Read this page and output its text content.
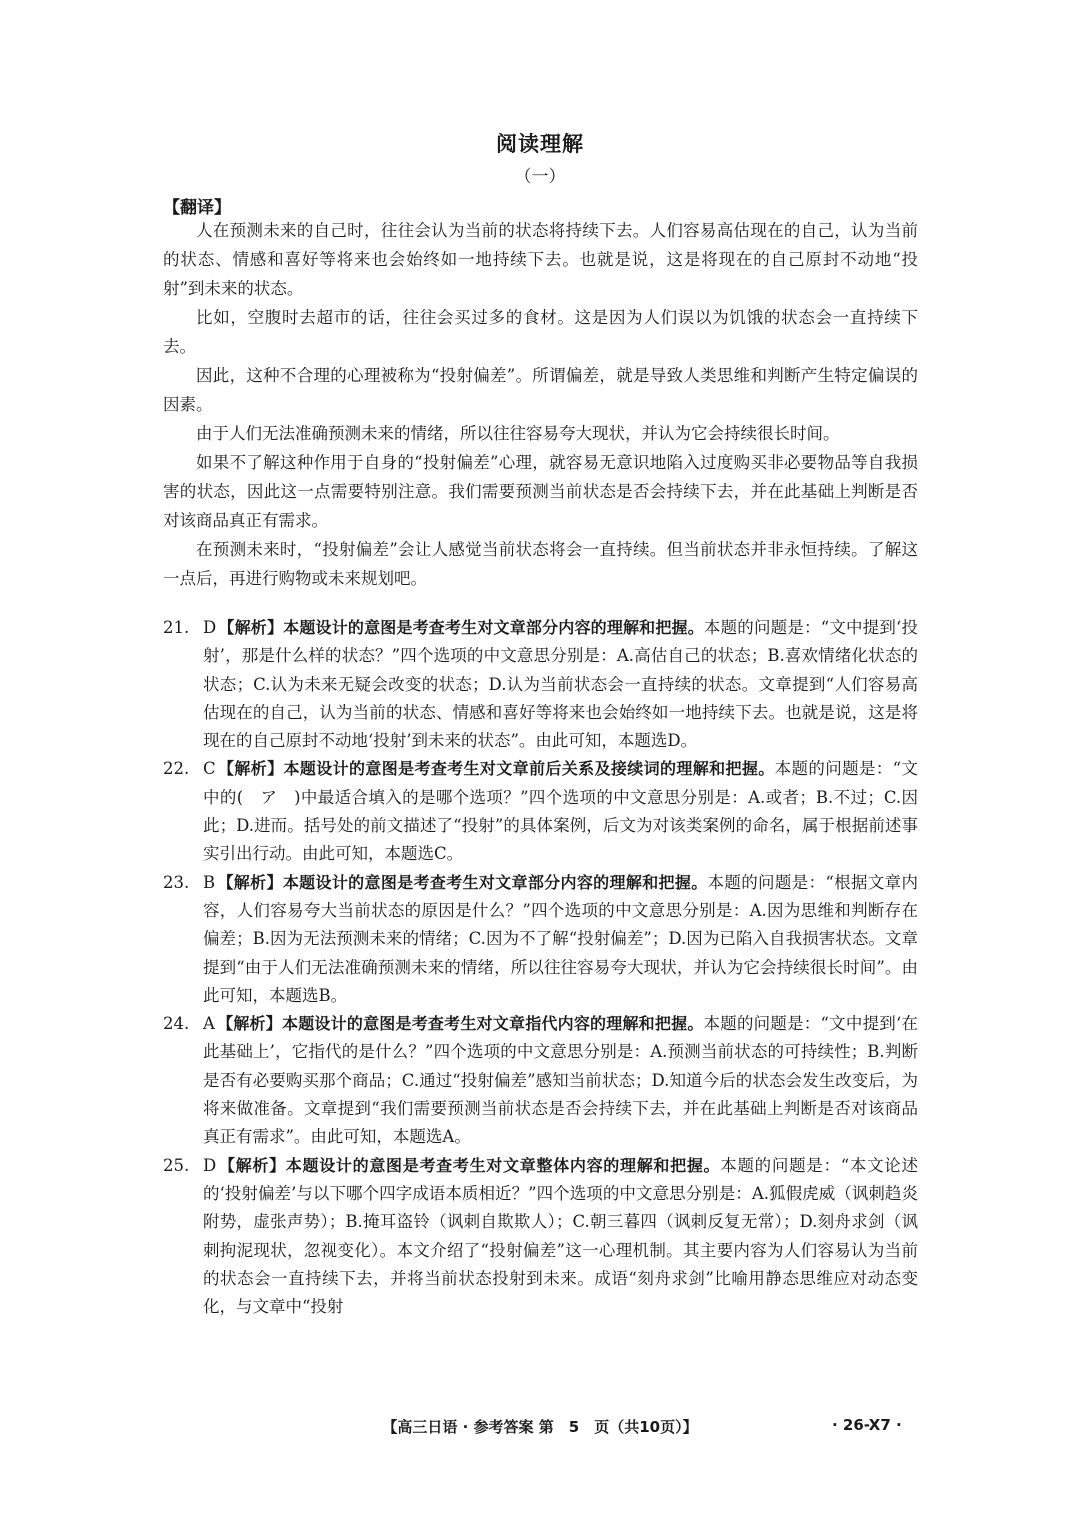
阅读理解
（一）
【翻译】

人在预测未来的自己时，往往会认为当前的状态将持续下去。人们容易高估现在的自己，认为当前的状态、情感和喜好等将来也会始终如一地持续下去。也就是说，这是将现在的自己原封不动地“投射”到未来的状态。

比如，空腹时去超市的话，往往会买过多的食材。这是因为人们误以为饥饿的状态会一直持续下去。

因此，这种不合理的心理被称为“投射偏差”。所谓偏差，就是导致人类思维和判断产生特定偏误的因素。

由于人们无法准确预测未来的情绪，所以往往容易夸大现状，并认为它会持续很长时间。

如果不了解这种作用于自身的“投射偏差”心理，就容易无意识地陷入过度购买非必要物品等自我损害的状态，因此这一点需要特别注意。我们需要预测当前状态是否会持续下去，并在此基础上判断是否对该商品真正有需求。

在预测未来时，“投射偏差”会让人感觉当前状态将会一直持续。但当前状态并非永恒持续。了解这一点后，再进行购物或未来规划吧。

21. D 【解析】本题设计的意图是考查考生对文章部分内容的理解和把握。本题的问题是：“文中提到‘投射’，那是什么样的状态？”四个选项的中文意思分别是：A.高估自己的状态；B.喜欢情绪化状态的状态；C.认为未来无疑会改变的状态；D.认为当前状态会一直持续的状态。文章提到“人们容易高估现在的自己，认为当前的状态、情感和喜好等将来也会始终如一地持续下去。也就是说，这是将现在的自己原封不动地‘投射’到未来的状态”。由此可知，本题选D。
22. C 【解析】本题设计的意图是考查考生对文章前后关系及接续词的理解和把握。本题的问题是：“文中的(　ア　)中最适合填入的是哪个选项？”四个选项的中文意思分别是：A.或者；B.不过；C.因此；D.进而。括号处的前文描述了“投射”的具体案例，后文为对该类案例的命名，属于根据前述事实引出行动。由此可知，本题选C。
23. B 【解析】本题设计的意图是考查考生对文章部分内容的理解和把握。本题的问题是：“根据文章内容，人们容易夸大当前状态的原因是什么？”四个选项的中文意思分别是：A.因为思维和判断存在偏差；B.因为无法预测未来的情绪；C.因为不了解“投射偏差”；D.因为已陷入自我损害状态。文章提到“由于人们无法准确预测未来的情绪，所以往往容易夸大现状，并认为它会持续很长时间”。由此可知，本题选B。
24. A 【解析】本题设计的意图是考查考生对文章指代内容的理解和把握。本题的问题是：“文中提到‘在此基础上’，它指代的是什么？”四个选项的中文意思分别是：A.预测当前状态的可持续性；B.判断是否有必要购买那个商品；C.通过“投射偏差”感知当前状态；D.知道今后的状态会发生改变后，为将来做准备。文章提到“我们需要预测当前状态是否会持续下去，并在此基础上判断是否对该商品真正有需求”。由此可知，本题选A。
25. D 【解析】本题设计的意图是考查考生对文章整体内容的理解和把握。本题的问题是：“本文论述的‘投射偏差’与以下哪个四字成语本质相近？”四个选项的中文意思分别是：A.狐假虎威（讽刺趋炎附势，虚张声势）；B.掩耳盗铃（讽刺自欺欺人）；C.朝三暮四（讽刺反复无常）；D.刻舟求剑（讽刺拘泥现状，忽视变化）。本文介绍了“投射偏差”这一心理机制。其主要内容为人们容易认为当前的状态会一直持续下去，并将当前状态投射到未来。成语“刻舟求剑”比喻用静态思维应对动态变化，与文章中“投射
【高三日语 · 参考答案 第　5　页（共10页）】	· 26-X7 ·
